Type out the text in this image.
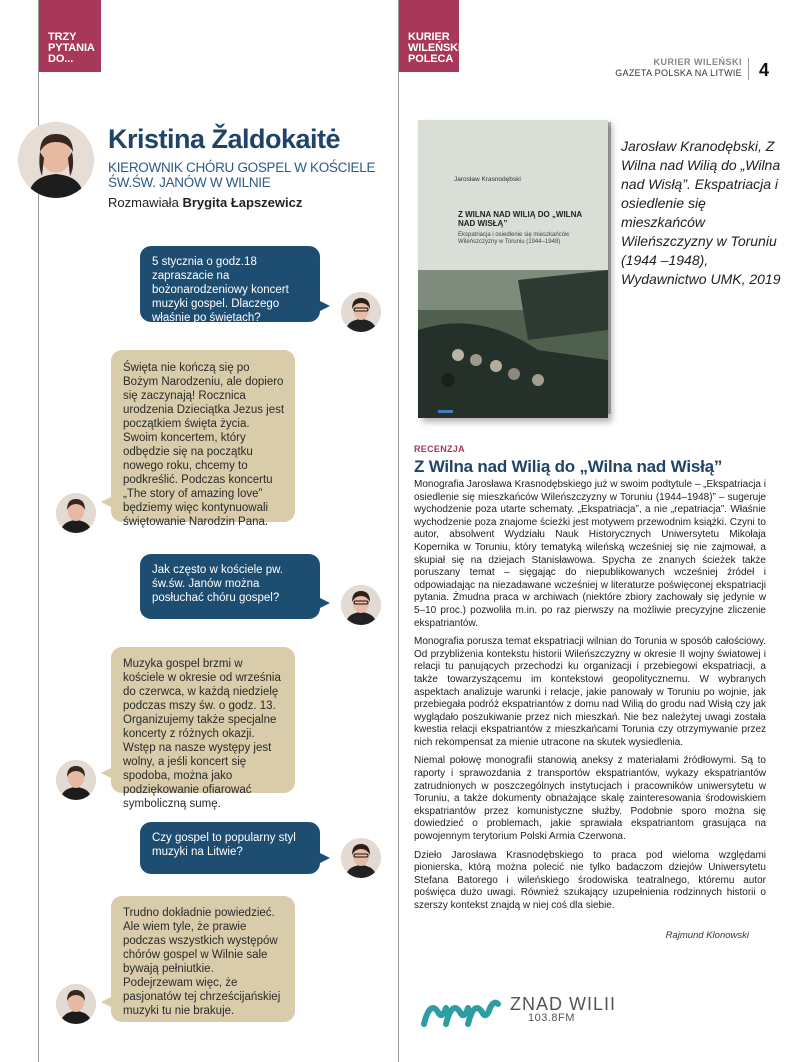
TRZY
PYTANIA
DO...
KURIER
WILEŃSKI
POLECA	KURIER WILEŃSKI
GAZETA POLSKA NA LITWIE 4
Kristina Žaldokaitė
KIEROWNIK CHÓRU GOSPEL W KOŚCIELE ŚW.ŚW. JANÓW W WILNIE
Rozmawiała Brygita Łapszewicz
5 stycznia o godz.18 zapraszacie na bożonarodzeniowy koncert muzyki gospel. Dlaczego właśnie po świętach?
Święta nie kończą się po Bożym Narodzeniu, ale dopiero się zaczynają! Rocznica urodzenia Dzieciątka Jezus jest początkiem święta życia. Swoim koncertem, który odbędzie się na początku nowego roku, chcemy to podkreślić. Podczas koncertu „The story of amazing love” będziemy więc kontynuowali świętowanie Narodzin Pana.
Jak często w kościele pw. św.św. Janów można posłuchać chóru gospel?
Muzyka gospel brzmi w kościele w okresie od września do czerwca, w każdą niedzielę podczas mszy św. o godz. 13. Organizujemy także specjalne koncerty z różnych okazji. Wstęp na nasze występy jest wolny, a jeśli koncert się spodoba, można jako podziękowanie ofiarować symboliczną sumę.
Czy gospel to popularny styl muzyki na Litwie?
Trudno dokładnie powiedzieć. Ale wiem tyle, że prawie podczas wszystkich występów chórów gospel w Wilnie sale bywają pełniutkie. Podejrzewam więc, że pasjonatów tej chrześcijańskiej muzyki tu nie brakuje.
Jarosław Krasnodębski
Z WILNA NAD WILIĄ DO „WILNA NAD WISŁĄ”
Ekspatriacja i osiedlenie się mieszkańców Wileńszczyzny w Toruniu (1944–1948)
Jarosław Kranodębski, Z Wilna nad Wilią do „Wilna nad Wisłą”. Ekspatriacja i osiedlenie się mieszkańców Wileńszczyzny w Toruniu (1944 –1948), Wydawnictwo UMK, 2019
RECENZJA
Z Wilna nad Wilią do „Wilna nad Wisłą”

Monografia Jarosława Krasnodębskiego już w swoim podtytule – „Ekspatriacja i osiedlenie się mieszkańców Wileńszczyzny w Toruniu (1944–1948)” – sugeruje wychodzenie poza utarte schematy. „Ekspatriacja”, a nie „repatriacja”. Właśnie wychodzenie poza znajome ścieżki jest motywem przewodnim książki. Czyni to autor, absolwent Wydziału Nauk Historycznych Uniwersytetu Mikołaja Kopernika w Toruniu, który tematyką wileńską wcześniej się nie zajmował, a skupiał się na dziejach Stanisławowa. Spycha ze znanych ścieżek także poruszany temat – sięgając do niepublikowanych wcześniej źródeł i odpowiadając na niezadawane wcześniej w literaturze poświęconej ekspatriacji pytania. Żmudna praca w archiwach (niektóre zbiory zachowały się jedynie w 5–10 proc.) pozwoliła m.in. po raz pierwszy na możliwie precyzyjne zliczenie ekspatriantów.

Monografia porusza temat ekspatriacji wilnian do Torunia w sposób całościowy. Od przybliżenia kontekstu historii Wileńszczyzny w okresie II wojny światowej i relacji tu panujących przechodzi ku organizacji i przebiegowi ekspatriacji, a także towarzyszącemu im kontekstowi geopolitycznemu. W wybranych aspektach analizuje warunki i relacje, jakie panowały w Toruniu po wojnie, jak przebiegała podróż ekspatriantów z domu nad Wilią do grodu nad Wisłą czy jak wyglądało poszukiwanie przez nich mieszkań. Nie bez należytej uwagi została kwestia relacji ekspatriantów z mieszkańcami Torunia czy otrzymywanie przez nich rekompensat za mienie utracone na skutek wysiedlenia.

Niemal połowę monografii stanowią aneksy z materiałami źródłowymi. Są to raporty i sprawozdania z transportów ekspatriantów, wykazy ekspatriantów zatrudnionych w poszczególnych instytucjach i pracowników uniwersytetu w Toruniu, a także dokumenty obnażające skalę zainteresowania środowiskiem ekspatriantów przez komunistyczne służby. Podobnie sporo można się dowiedzieć o problemach, jakie sprawiała ekspatriantom grasująca na powojennym terytorium Polski Armia Czerwona.

Dzieło Jarosława Krasnodębskiego to praca pod wieloma względami pionierska, którą można polecić nie tylko badaczom dziejów Uniwersytetu Stefana Batorego i wileńskiego środowiska teatralnego, któremu autor poświęca dużo uwagi. Również szukający uzupełnienia rodzinnych historii o szerszy kontekst znajdą w niej coś dla siebie.

Rajmund Klonowski
ZNAD WILII
103.8FM
